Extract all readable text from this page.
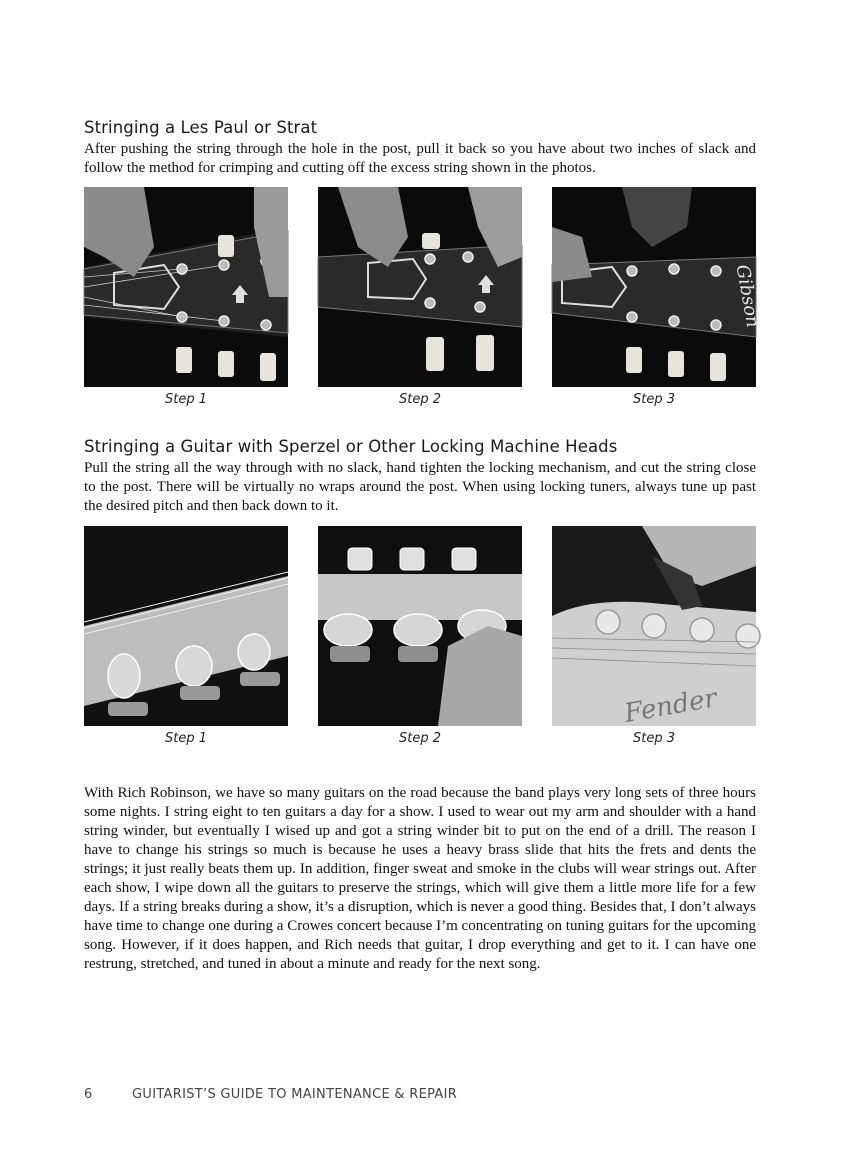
Stringing a Les Paul or Strat

After pushing the string through the hole in the post, pull it back so you have about two inches of slack and follow the method for crimping and cutting off the excess string shown in the photos.

Gibson
Step 1	Step 2	Step 3
Stringing a Guitar with Sperzel or Other Locking Machine Heads

Pull the string all the way through with no slack, hand tighten the locking mechanism, and cut the string close to the post. There will be virtually no wraps around the post. When using locking tuners, always tune up past the desired pitch and then back down to it.

Fender
Step 1	Step 2	Step 3

With Rich Robinson, we have so many guitars on the road because the band plays very long sets of three hours some nights. I string eight to ten guitars a day for a show. I used to wear out my arm and shoulder with a hand string winder, but eventually I wised up and got a string winder bit to put on the end of a drill. The reason I have to change his strings so much is because he uses a heavy brass slide that hits the frets and dents the strings; it just really beats them up. In addition, finger sweat and smoke in the clubs will wear strings out. After each show, I wipe down all the guitars to preserve the strings, which will give them a little more life for a few days. If a string breaks during a show, it’s a disruption, which is never a good thing. Besides that, I don’t always have time to change one during a Crowes concert because I’m concentrating on tuning guitars for the upcoming song. However, if it does happen, and Rich needs that guitar, I drop everything and get to it. I can have one restrung, stretched, and tuned in about a minute and ready for the next song.

6	GUITARIST’S GUIDE TO MAINTENANCE & REPAIR
